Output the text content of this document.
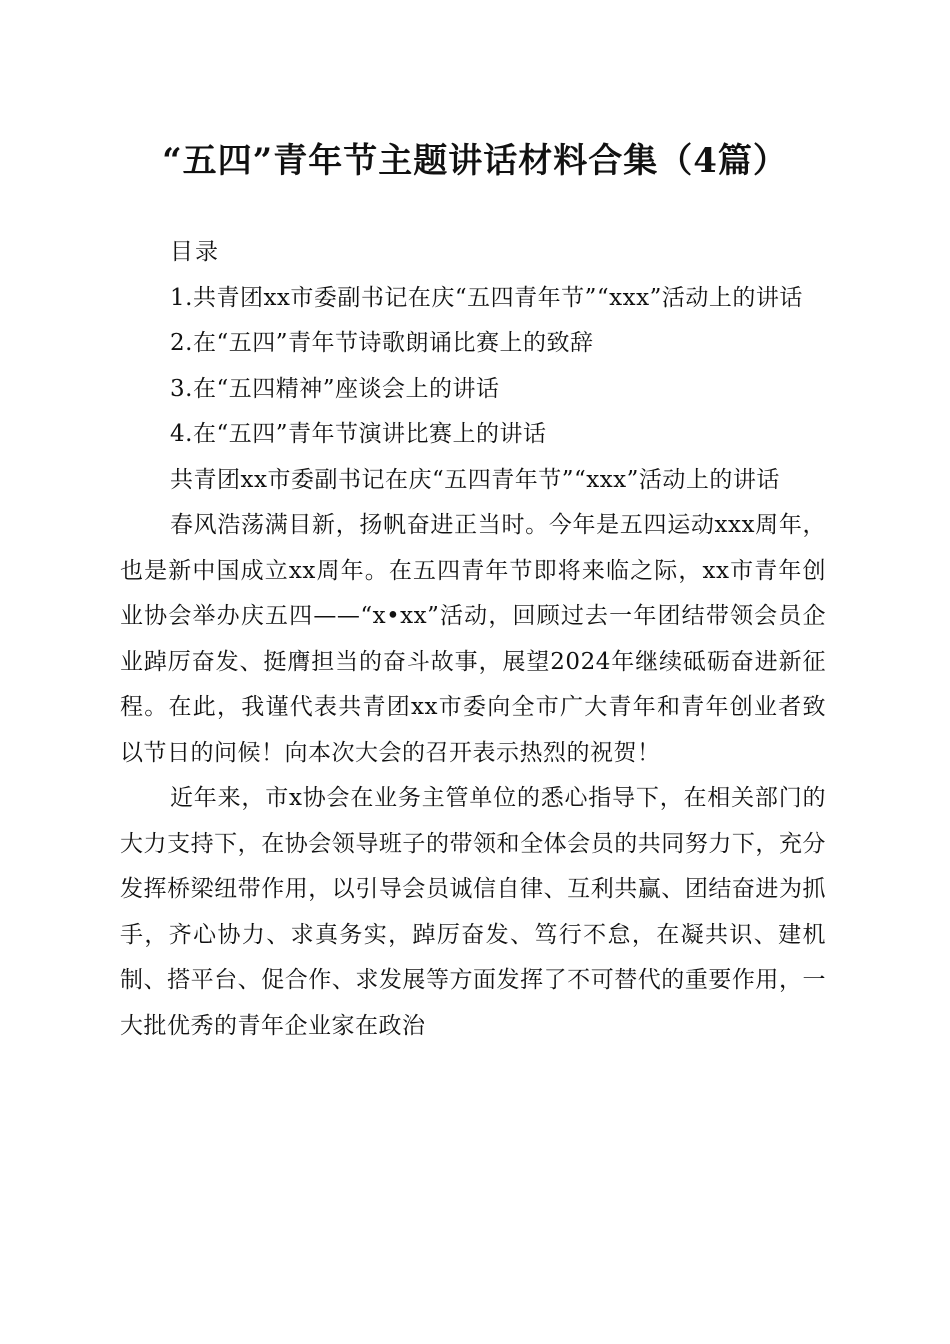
“五四”青年节主题讲话材料合集（4篇）

目录

1.共青团xx市委副书记在庆“五四青年节”“xxx”活动上的讲话

2.在“五四”青年节诗歌朗诵比赛上的致辞

3.在“五四精神”座谈会上的讲话

4.在“五四”青年节演讲比赛上的讲话

共青团xx市委副书记在庆“五四青年节”“xxx”活动上的讲话

春风浩荡满目新，扬帆奋进正当时。今年是五四运动xxx周年，也是新中国成立xx周年。在五四青年节即将来临之际，xx市青年创业协会举办庆五四——“x•xx”活动，回顾过去一年团结带领会员企业踔厉奋发、挺膺担当的奋斗故事，展望2024年继续砥砺奋进新征程。在此，我谨代表共青团xx市委向全市广大青年和青年创业者致以节日的问候！向本次大会的召开表示热烈的祝贺！

近年来，市x协会在业务主管单位的悉心指导下，在相关部门的大力支持下，在协会领导班子的带领和全体会员的共同努力下，充分发挥桥梁纽带作用，以引导会员诚信自律、互利共赢、团结奋进为抓手，齐心协力、求真务实，踔厉奋发、笃行不怠，在凝共识、建机制、搭平台、促合作、求发展等方面发挥了不可替代的重要作用，一大批优秀的青年企业家在政治
